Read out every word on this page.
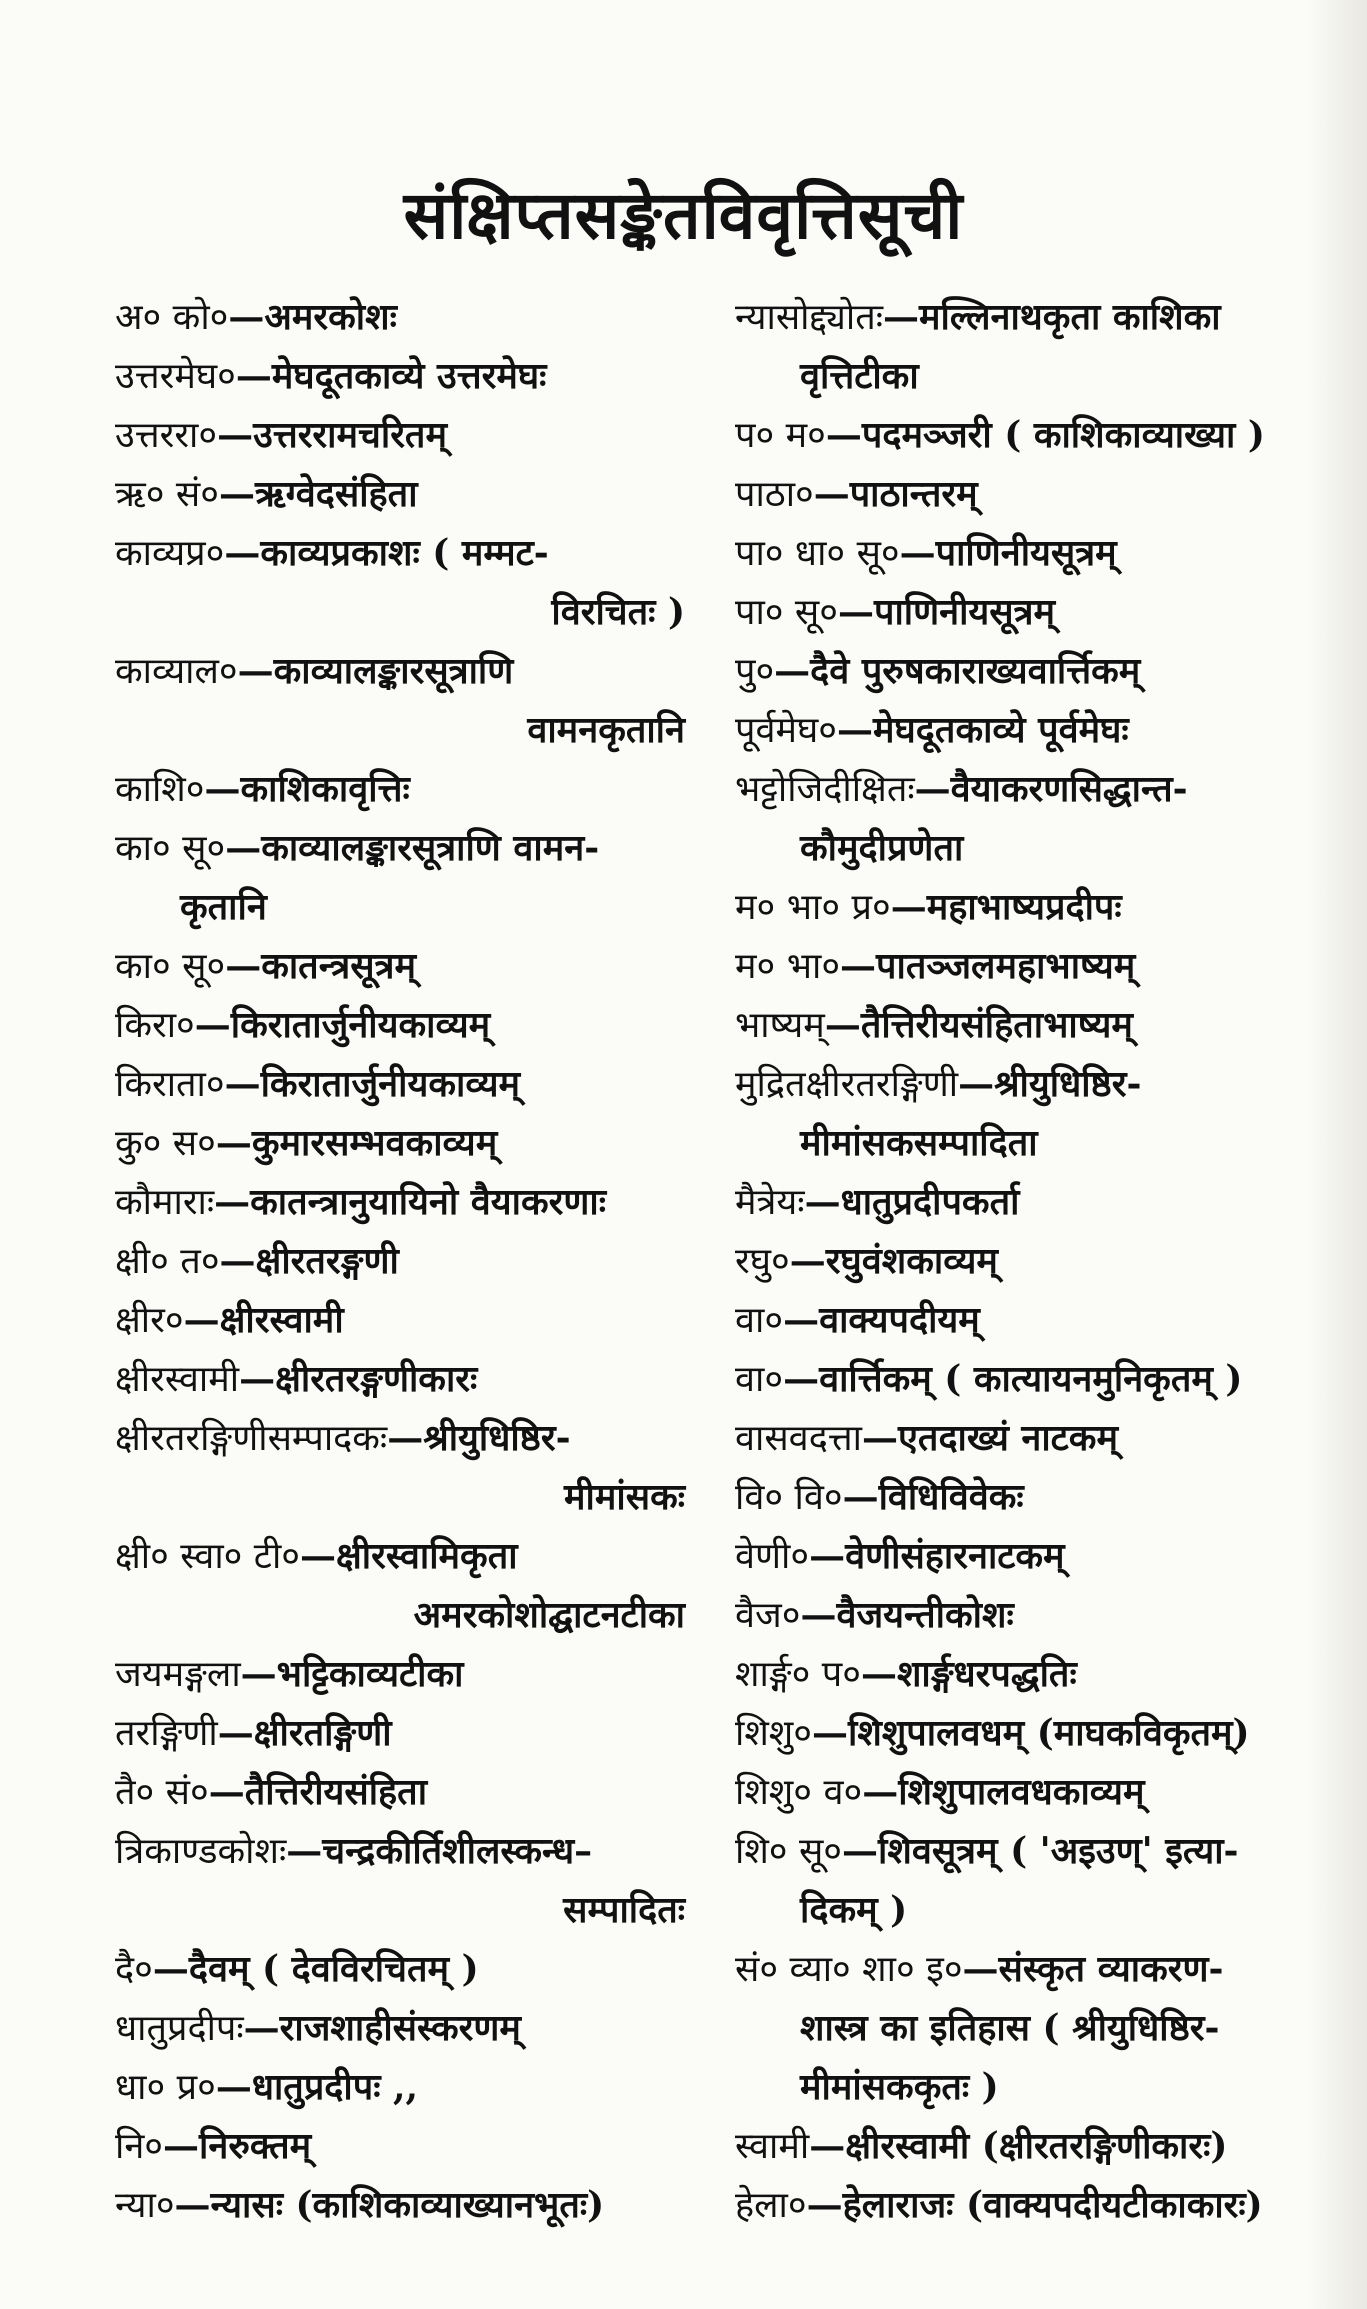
संक्षिप्तसङ्केतविवृत्तिसूची
अ० को०—अमरकोशः
उत्तरमेघ०—मेघदूतकाव्ये उत्तरमेघः
उत्तररा०—उत्तररामचरितम्
ऋ० सं०—ऋग्वेदसंहिता
काव्यप्र०—काव्यप्रकाशः ( मम्मट-
विरचितः )
काव्याल०—काव्यालङ्कारसूत्राणि
वामनकृतानि
काशि०—काशिकावृत्तिः
का० सू०—काव्यालङ्कारसूत्राणि वामन-
कृतानि
का० सू०—कातन्त्रसूत्रम्
किरा०—किरातार्जुनीयकाव्यम्
किराता०—किरातार्जुनीयकाव्यम्
कु० स०—कुमारसम्भवकाव्यम्
कौमाराः—कातन्त्रानुयायिनो वैयाकरणाः
क्षी० त०—क्षीरतरङ्गणी
क्षीर०—क्षीरस्वामी
क्षीरस्वामी—क्षीरतरङ्गणीकारः
क्षीरतरङ्गिणीसम्पादकः—श्रीयुधिष्ठिर-
मीमांसकः
क्षी० स्वा० टी०—क्षीरस्वामिकृता
अमरकोशोद्घाटनटीका
जयमङ्गला—भट्टिकाव्यटीका
तरङ्गिणी—क्षीरतङ्गिणी
तै० सं०—तैत्तिरीयसंहिता
त्रिकाण्डकोशः—चन्द्रकीर्तिशीलस्कन्ध–
सम्पादितः
दै०—दैवम् ( देवविरचितम् )
धातुप्रदीपः—राजशाहीसंस्करणम्
धा० प्र०—धातुप्रदीपः ,,
नि०—निरुक्तम्
न्या०—न्यासः (काशिकाव्याख्यानभूतः)
न्यासोद्द्योतः—मल्लिनाथकृता काशिका
वृत्तिटीका
प० म०—पदमञ्जरी ( काशिकाव्याख्या )
पाठा०—पाठान्तरम्
पा० धा० सू०—पाणिनीयसूत्रम्
पा० सू०—पाणिनीयसूत्रम्
पु०—दैवे पुरुषकाराख्यवार्त्तिकम्
पूर्वमेघ०—मेघदूतकाव्ये पूर्वमेघः
भट्टोजिदीक्षितः—वैयाकरणसिद्धान्त-
कौमुदीप्रणेता
म० भा० प्र०—महाभाष्यप्रदीपः
म० भा०—पातञ्जलमहाभाष्यम्
भाष्यम्—तैत्तिरीयसंहिताभाष्यम्
मुद्रितक्षीरतरङ्गिणी—श्रीयुधिष्ठिर-
मीमांसकसम्पादिता
मैत्रेयः—धातुप्रदीपकर्ता
रघु०—रघुवंशकाव्यम्
वा०—वाक्यपदीयम्
वा०—वार्त्तिकम् ( कात्यायनमुनिकृतम् )
वासवदत्ता—एतदाख्यं नाटकम्
वि० वि०—विधिविवेकः
वेणी०—वेणीसंहारनाटकम्
वैज०—वैजयन्तीकोशः
शार्ङ्ग० प०—शार्ङ्गधरपद्धतिः
शिशु०—शिशुपालवधम् (माघकविकृतम्)
शिशु० व०—शिशुपालवधकाव्यम्
शि० सू०—शिवसूत्रम् ( 'अइउण्' इत्या-
दिकम् )
सं० व्या० शा० इ०—संस्कृत व्याकरण-
शास्त्र का इतिहास ( श्रीयुधिष्ठिर-
मीमांसककृतः )
स्वामी—क्षीरस्वामी (क्षीरतरङ्गिणीकारः)
हेला०—हेलाराजः (वाक्यपदीयटीकाकारः)
